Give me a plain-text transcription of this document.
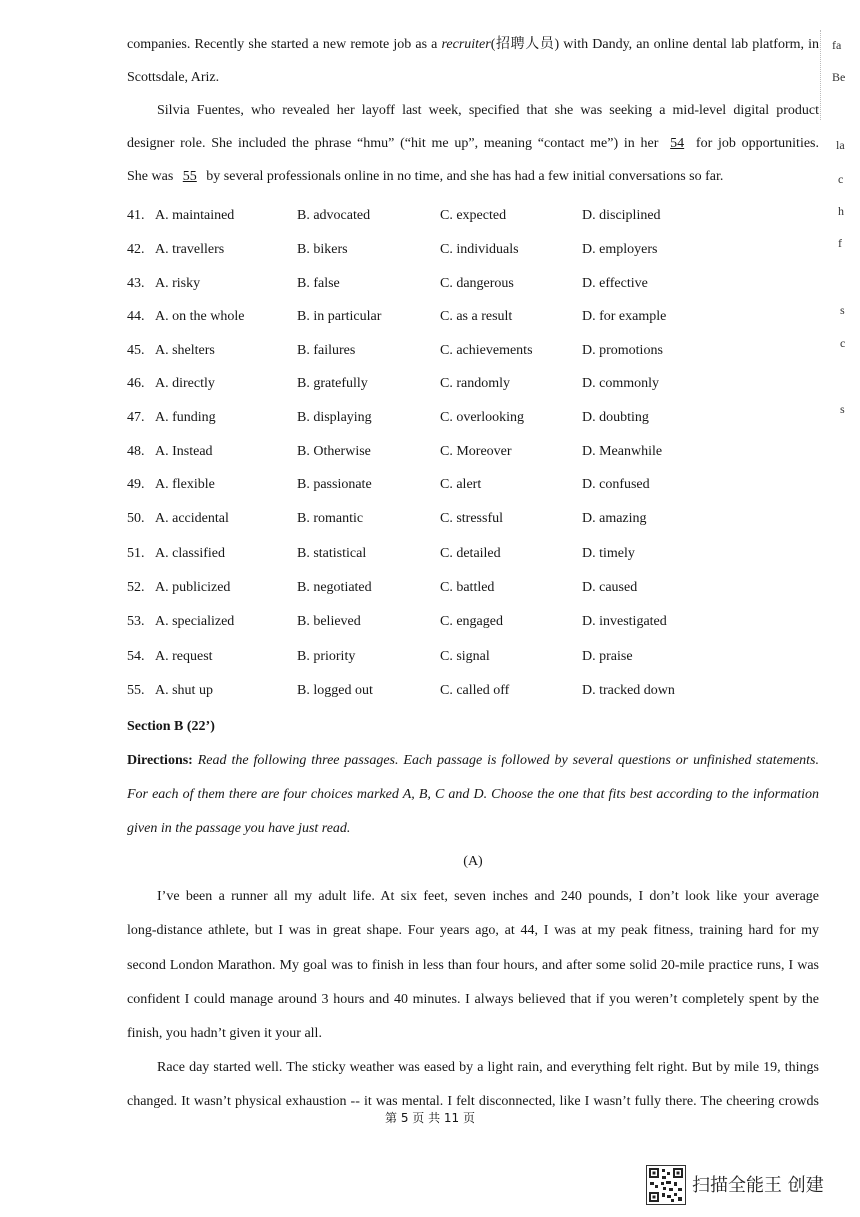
companies. Recently she started a new remote job as a recruiter(招聘人员) with Dandy, an online dental lab platform, in
Scottsdale, Ariz.
Silvia Fuentes, who revealed her layoff last week, specified that she was seeking a mid-level digital product
designer role. She included the phrase “hmu” (“hit me up”, meaning “contact me”) in her 54 for job opportunities.
She was 55 by several professionals online in no time, and she has had a few initial conversations so far.
41. A. maintained	B. advocated	C. expected	D. disciplined
42. A. travellers	B. bikers	C. individuals	D. employers
43. A. risky	B. false	C. dangerous	D. effective
44. A. on the whole	B. in particular	C. as a result	D. for example
45. A. shelters	B. failures	C. achievements	D. promotions
46. A. directly	B. gratefully	C. randomly	D. commonly
47. A. funding	B. displaying	C. overlooking	D. doubting
48. A. Instead	B. Otherwise	C. Moreover	D. Meanwhile
49. A. flexible	B. passionate	C. alert	D. confused
50. A. accidental	B. romantic	C. stressful	D. amazing
51. A. classified	B. statistical	C. detailed	D. timely
52. A. publicized	B. negotiated	C. battled	D. caused
53. A. specialized	B. believed	C. engaged	D. investigated
54. A. request	B. priority	C. signal	D. praise
55. A. shut up	B. logged out	C. called off	D. tracked down
Section B (22’)
Directions: Read the following three passages. Each passage is followed by several questions or unfinished statements.
For each of them there are four choices marked A, B, C and D. Choose the one that fits best according to the information
given in the passage you have just read.
(A)
I’ve been a runner all my adult life. At six feet, seven inches and 240 pounds, I don’t look like your average
long-distance athlete, but I was in great shape. Four years ago, at 44, I was at my peak fitness, training hard for my
second London Marathon. My goal was to finish in less than four hours, and after some solid 20-mile practice runs, I was
confident I could manage around 3 hours and 40 minutes. I always believed that if you weren’t completely spent by the
finish, you hadn’t given it your all.
Race day started well. The sticky weather was eased by a light rain, and everything felt right. But by mile 19, things
changed. It wasn’t physical exhaustion -- it was mental. I felt disconnected, like I wasn’t fully there. The cheering crowds
fa
Be
la
c
h
f
s
c
s
第 5 页 共 11 页
扫描全能王 创建
